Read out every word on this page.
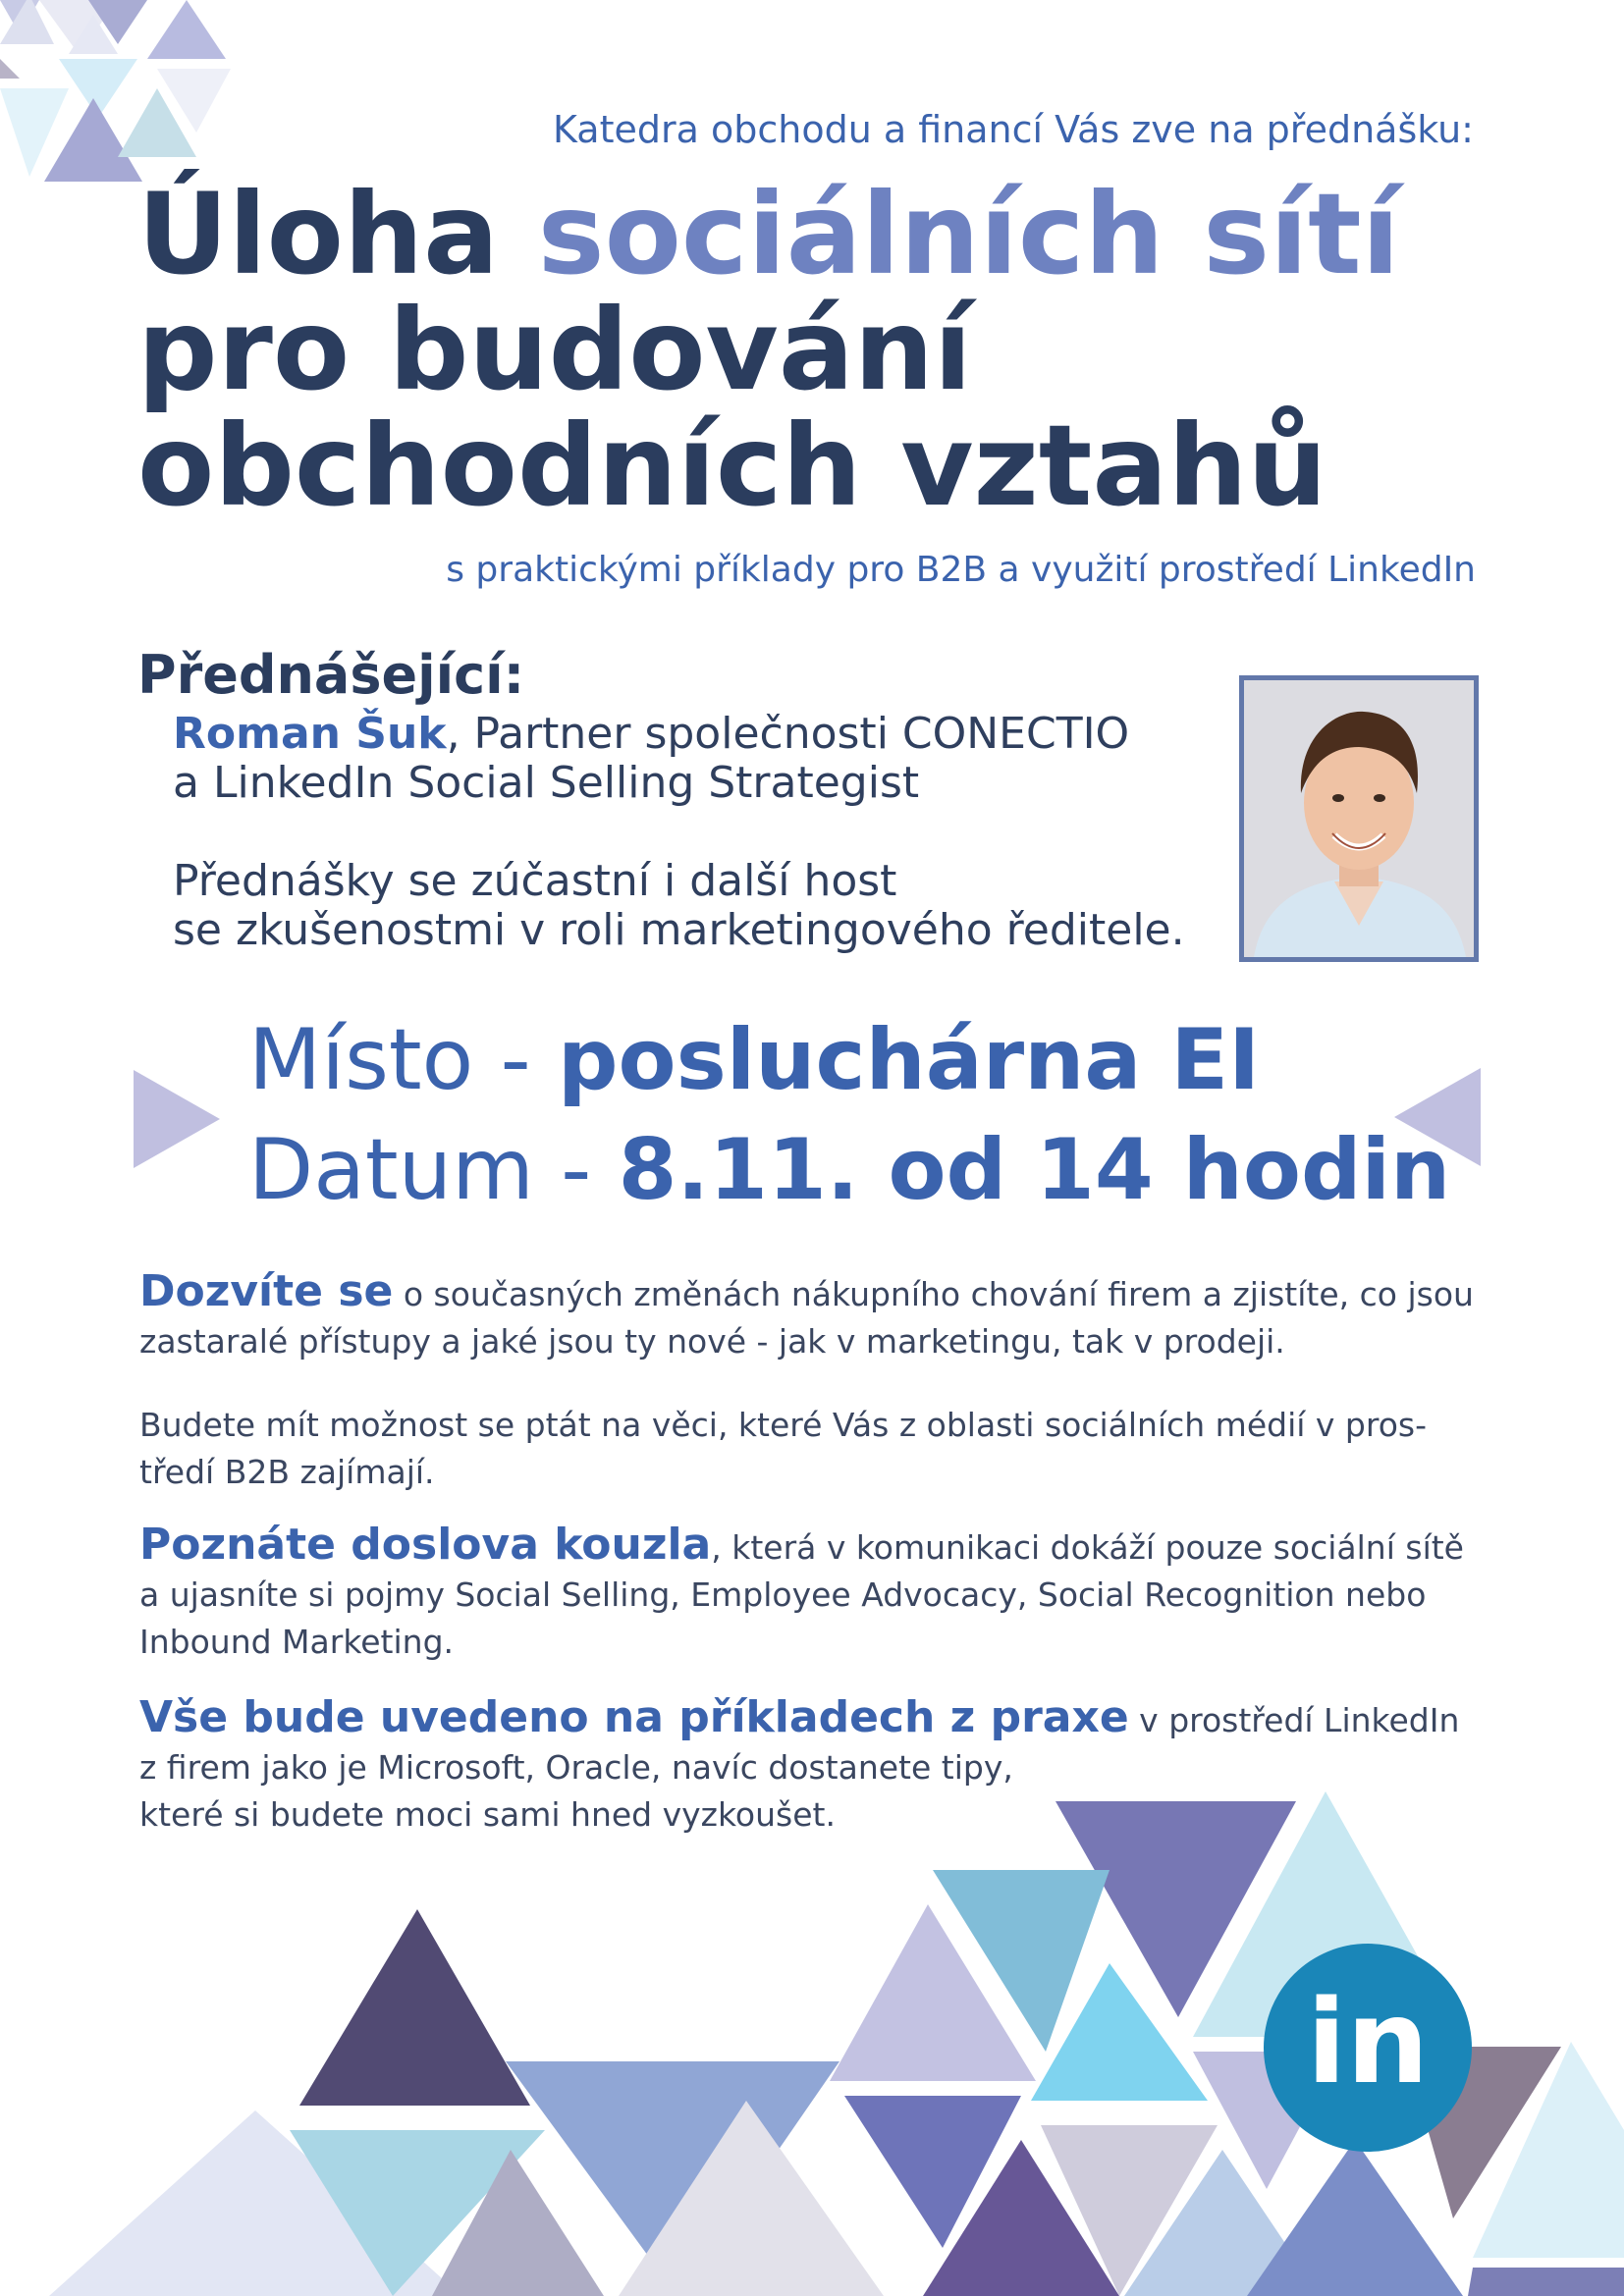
Katedra obchodu a financí Vás zve na přednášku:
Úloha sociálních sítí
pro budování
obchodních vztahů
s praktickými příklady pro B2B a využití prostředí LinkedIn
Přednášející:
Roman Šuk, Partner společnosti CONECTIO
a LinkedIn Social Selling Strategist
Přednášky se zúčastní i další host
se zkušenostmi v roli marketingového ředitele.
Místo - posluchárna EI
Datum - 8.11. od 14 hodin
Dozvíte se o současných změnách nákupního chování firem a zjistíte, co jsou
zastaralé přístupy a jaké jsou ty nové - jak v marketingu, tak v prodeji.
Budete mít možnost se ptát na věci, které Vás z oblasti sociálních médií v pros-
tředí B2B zajímají.
Poznáte doslova kouzla, která v komunikaci dokáží pouze sociální sítě
a ujasníte si pojmy Social Selling, Employee Advocacy, Social Recognition nebo
Inbound Marketing.
Vše bude uvedeno na příkladech z praxe v prostředí LinkedIn
z firem jako je Microsoft, Oracle, navíc dostanete tipy,
které si budete moci sami hned vyzkoušet.
in
